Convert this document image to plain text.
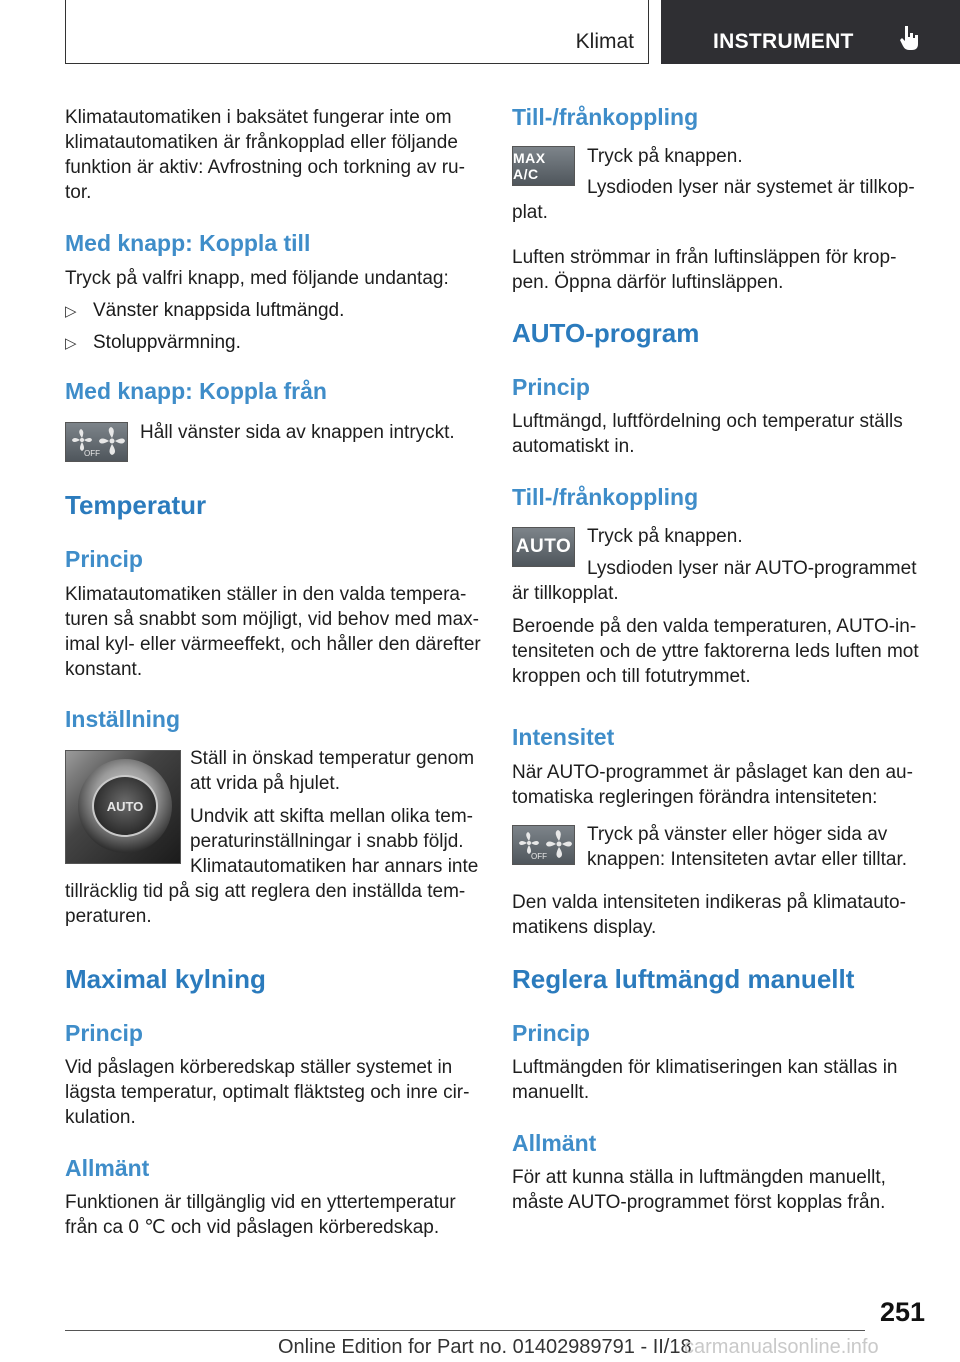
Klimat	INSTRUMENT

Klimatautomatiken i baksätet fungerar inte om

klimatautomatiken är frånkopplad eller följande

funktion är aktiv: Avfrostning och torkning av ru-

tor.

Med knapp: Koppla till

Tryck på valfri knapp, med följande undantag:

▷ Vänster knappsida luftmängd.
▷ Stoluppvärmning.
Med knapp: Koppla från
OFF

Håll vänster sida av knappen intryckt.

Temperatur
Princip

Klimatautomatiken ställer in den valda tempera-

turen så snabbt som möjligt, vid behov med max-

imal kyl- eller värmeeffekt, och håller den därefter

konstant.

Inställning
AUTO

Ställ in önskad temperatur genom

att vrida på hjulet.

Undvik att skifta mellan olika tem-

peraturinställningar i snabb följd.

Klimatautomatiken har annars inte

tillräcklig tid på sig att reglera den inställda tem-

peraturen.

Maximal kylning
Princip

Vid påslagen körberedskap ställer systemet in

lägsta temperatur, optimalt fläktsteg och inre cir-

kulation.

Allmänt

Funktionen är tillgänglig vid en yttertemperatur

från ca 0 ℃ och vid påslagen körberedskap.

Till-/frånkoppling
MAX A/C

Tryck på knappen.

Lysdioden lyser när systemet är tillkop-

plat.

Luften strömmar in från luftinsläppen för krop-

pen. Öppna därför luftinsläppen.

AUTO-program
Princip

Luftmängd, luftfördelning och temperatur ställs

automatiskt in.

Till-/frånkoppling
AUTO Tryck på knappen.

Lysdioden lyser när AUTO-programmet

är tillkopplat.

Beroende på den valda temperaturen, AUTO-in-

tensiteten och de yttre faktorerna leds luften mot

kroppen och till fotutrymmet.

Intensitet

När AUTO-programmet är påslaget kan den au-

tomatiska regleringen förändra intensiteten:

OFF

Tryck på vänster eller höger sida av

knappen: Intensiteten avtar eller tilltar.

Den valda intensiteten indikeras på klimatauto-

matikens display.

Reglera luftmängd manuellt
Princip

Luftmängden för klimatiseringen kan ställas in

manuellt.

Allmänt

För att kunna ställa in luftmängden manuellt,

måste AUTO-programmet först kopplas från.

251
Online Edition for Part no. 01402989791 - II/18
carmanualsonline.info
